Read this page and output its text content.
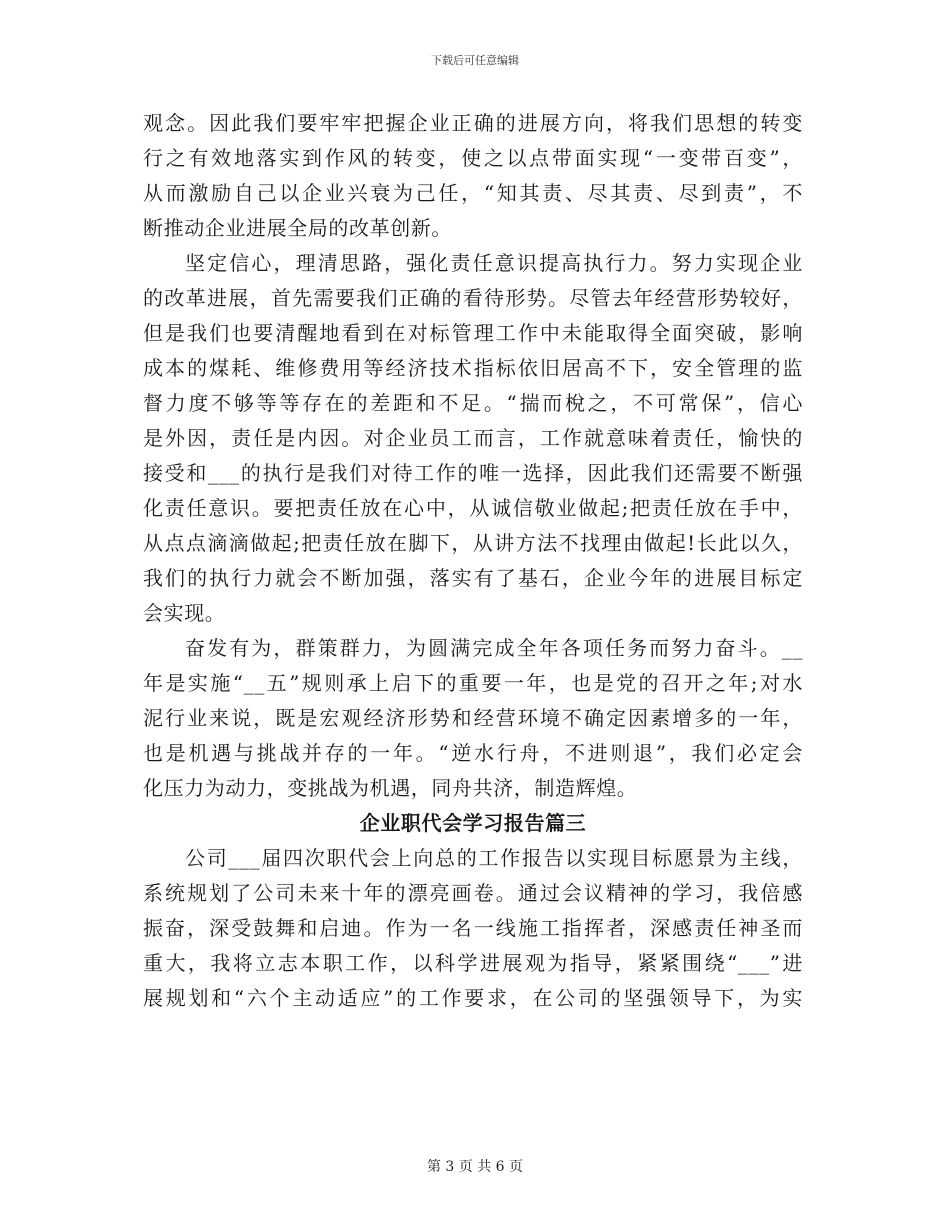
下载后可任意编辑
观念。因此我们要牢牢把握企业正确的进展方向，将我们思想的转变
行之有效地落实到作风的转变，使之以点带面实现“一变带百变”，
从而激励自己以企业兴衰为己任，“知其责、尽其责、尽到责”，不
断推动企业进展全局的改革创新。
坚定信心，理清思路，强化责任意识提高执行力。努力实现企业
的改革进展，首先需要我们正确的看待形势。尽管去年经营形势较好，
但是我们也要清醒地看到在对标管理工作中未能取得全面突破，影响
成本的煤耗、维修费用等经济技术指标依旧居高不下，安全管理的监
督力度不够等等存在的差距和不足。“揣而梲之，不可常保”，信心
是外因，责任是内因。对企业员工而言，工作就意味着责任，愉快的
接受和___的执行是我们对待工作的唯一选择，因此我们还需要不断强
化责任意识。要把责任放在心中，从诚信敬业做起;把责任放在手中，
从点点滴滴做起;把责任放在脚下，从讲方法不找理由做起!长此以久，
我们的执行力就会不断加强，落实有了基石，企业今年的进展目标定
会实现。
奋发有为，群策群力，为圆满完成全年各项任务而努力奋斗。__
年是实施“__五”规则承上启下的重要一年，也是党的召开之年;对水
泥行业来说，既是宏观经济形势和经营环境不确定因素增多的一年，
也是机遇与挑战并存的一年。“逆水行舟，不进则退”，我们必定会
化压力为动力，变挑战为机遇，同舟共济，制造辉煌。
企业职代会学习报告篇三
公司___届四次职代会上向总的工作报告以实现目标愿景为主线，
系统规划了公司未来十年的漂亮画卷。通过会议精神的学习，我倍感
振奋，深受鼓舞和启迪。作为一名一线施工指挥者，深感责任神圣而
重大，我将立志本职工作，以科学进展观为指导，紧紧围绕“___”进
展规划和“六个主动适应”的工作要求，在公司的坚强领导下，为实
第 3 页 共 6 页
